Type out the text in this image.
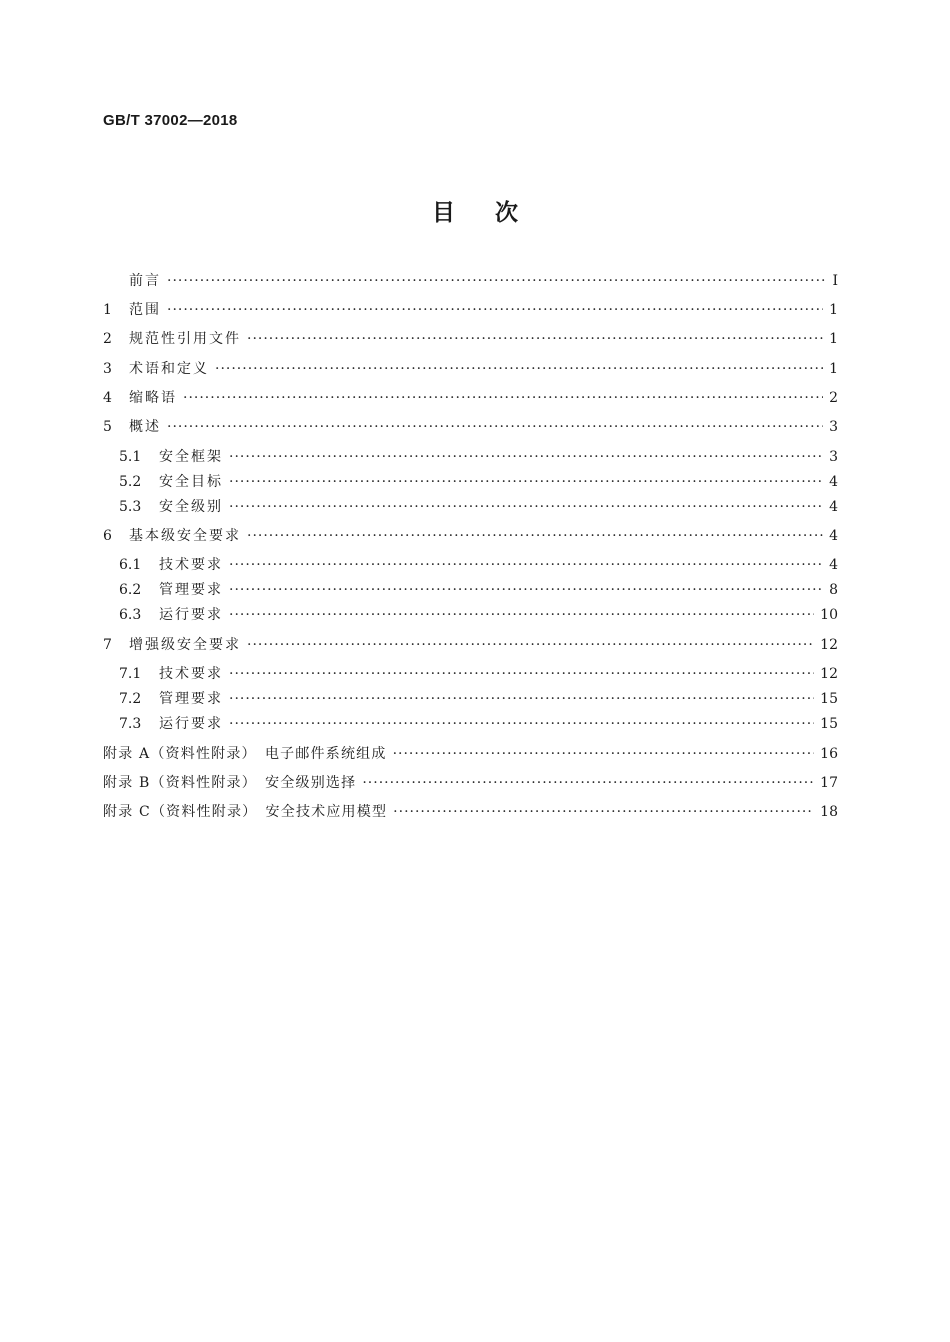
GB/T 37002—2018
目 次
前言 ·····	Ⅰ
1	范围 ·····	1
2	规范性引用文件 ·····	1
3	术语和定义 ·····	1
4	缩略语 ·····	2
5	概述 ·····	3
5.1	安全框架 ·····	3
5.2	安全目标 ·····	4
5.3	安全级别 ·····	4
6	基本级安全要求 ·····	4
6.1	技术要求 ·····	4
6.2	管理要求 ·····	8
6.3	运行要求 ·····	10
7	增强级安全要求 ·····	12
7.1	技术要求 ·····	12
7.2	管理要求 ·····	15
7.3	运行要求 ·····	15
附录 A（资料性附录）　电子邮件系统组成 ·····	16
附录 B（资料性附录）　安全级别选择 ·····	17
附录 C（资料性附录）　安全技术应用模型 ·····	18
